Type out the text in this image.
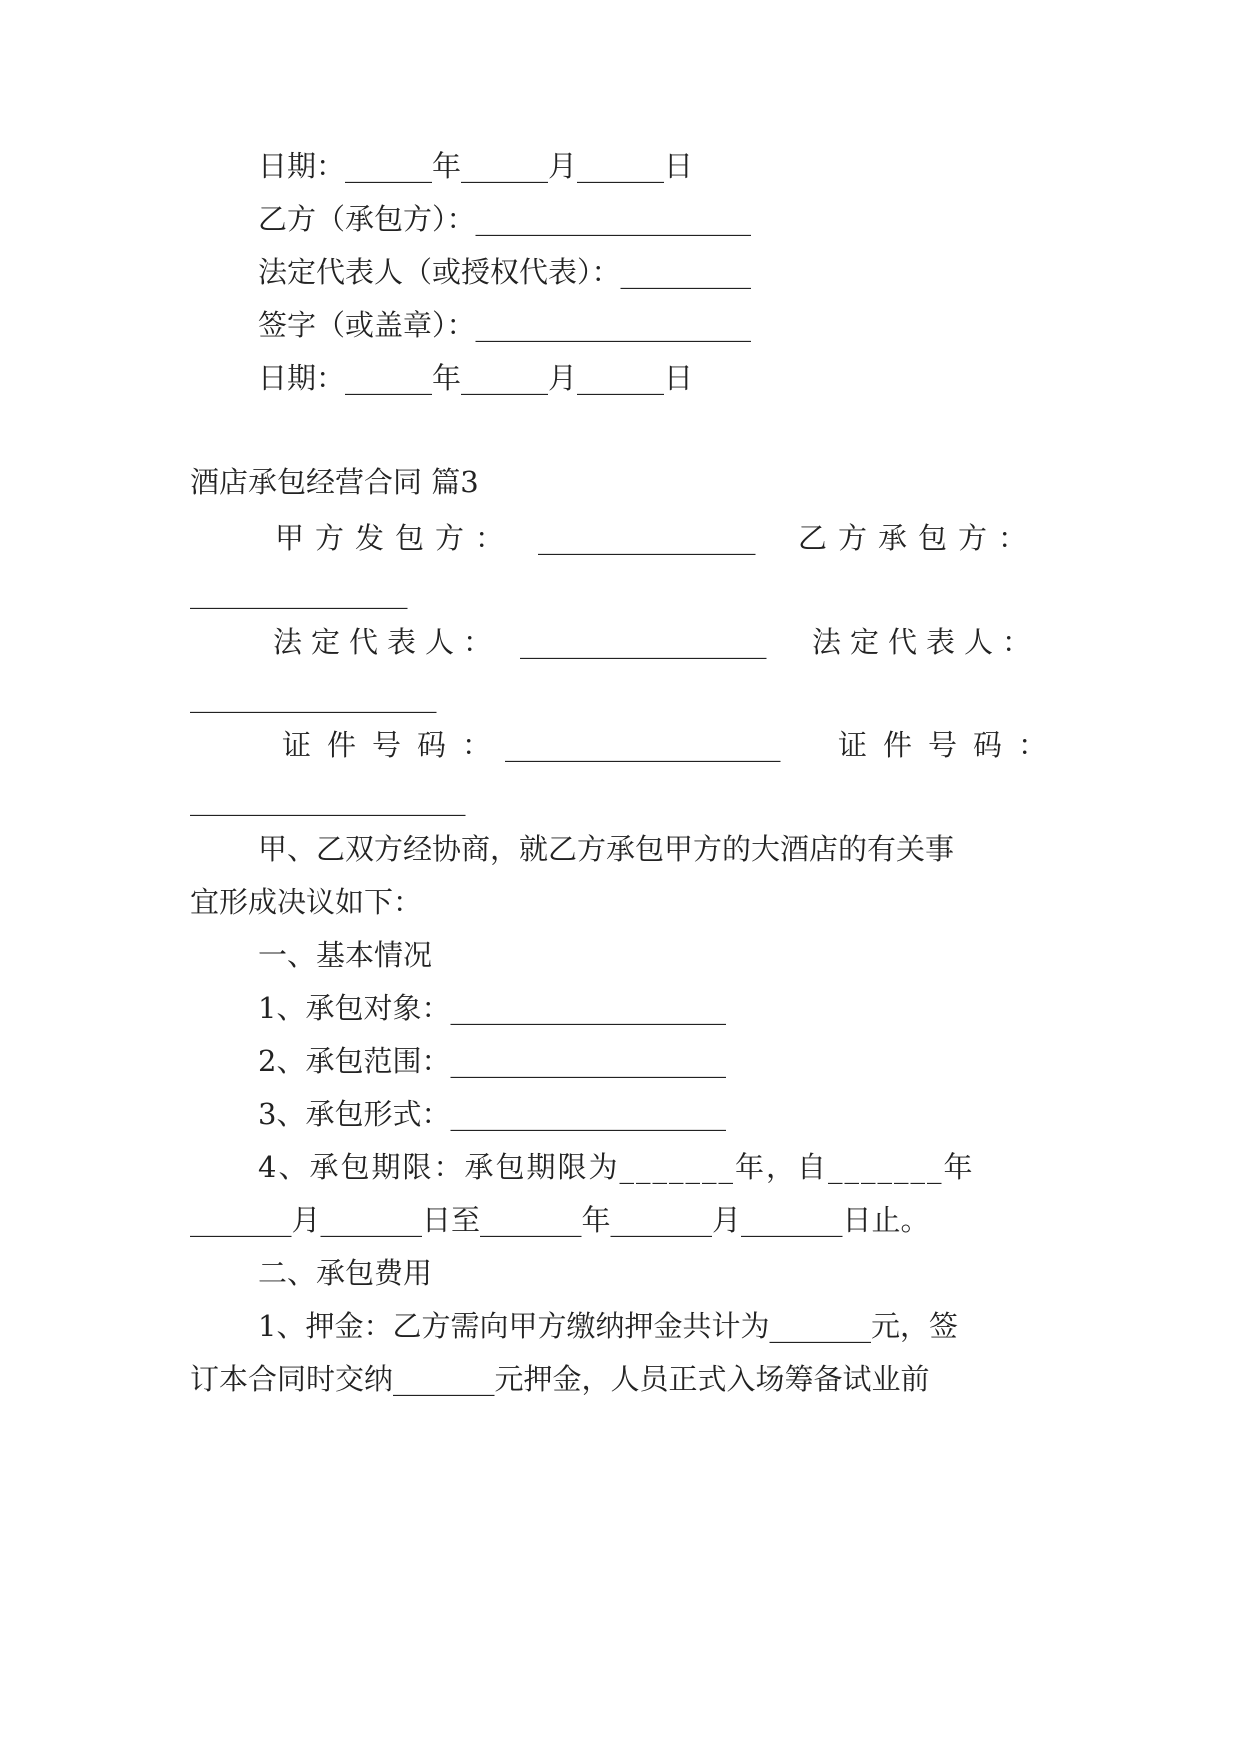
日期：______年______月______日

乙方（承包方）：___________________

法定代表人（或授权代表）：_________

签字（或盖章）：___________________

日期：______年______月______日

酒店承包经营合同 篇3

甲方发包方： _______________ 乙方承包方：
_______________
法定代表人： _________________ 法定代表人：
_________________
证件号码：
___________________ 证件号码：
___________________

甲、乙双方经协商，就乙方承包甲方的大酒店的有关事

宜形成决议如下：

一、基本情况

1、承包对象：___________________

2、承包范围：___________________

3、承包形式：___________________

4、承包期限：承包期限为_______年，自_______年

_______月_______日至_______年_______月_______日止。

二、承包费用

1、押金：乙方需向甲方缴纳押金共计为_______元，签

订本合同时交纳_______元押金，人员正式入场筹备试业前
